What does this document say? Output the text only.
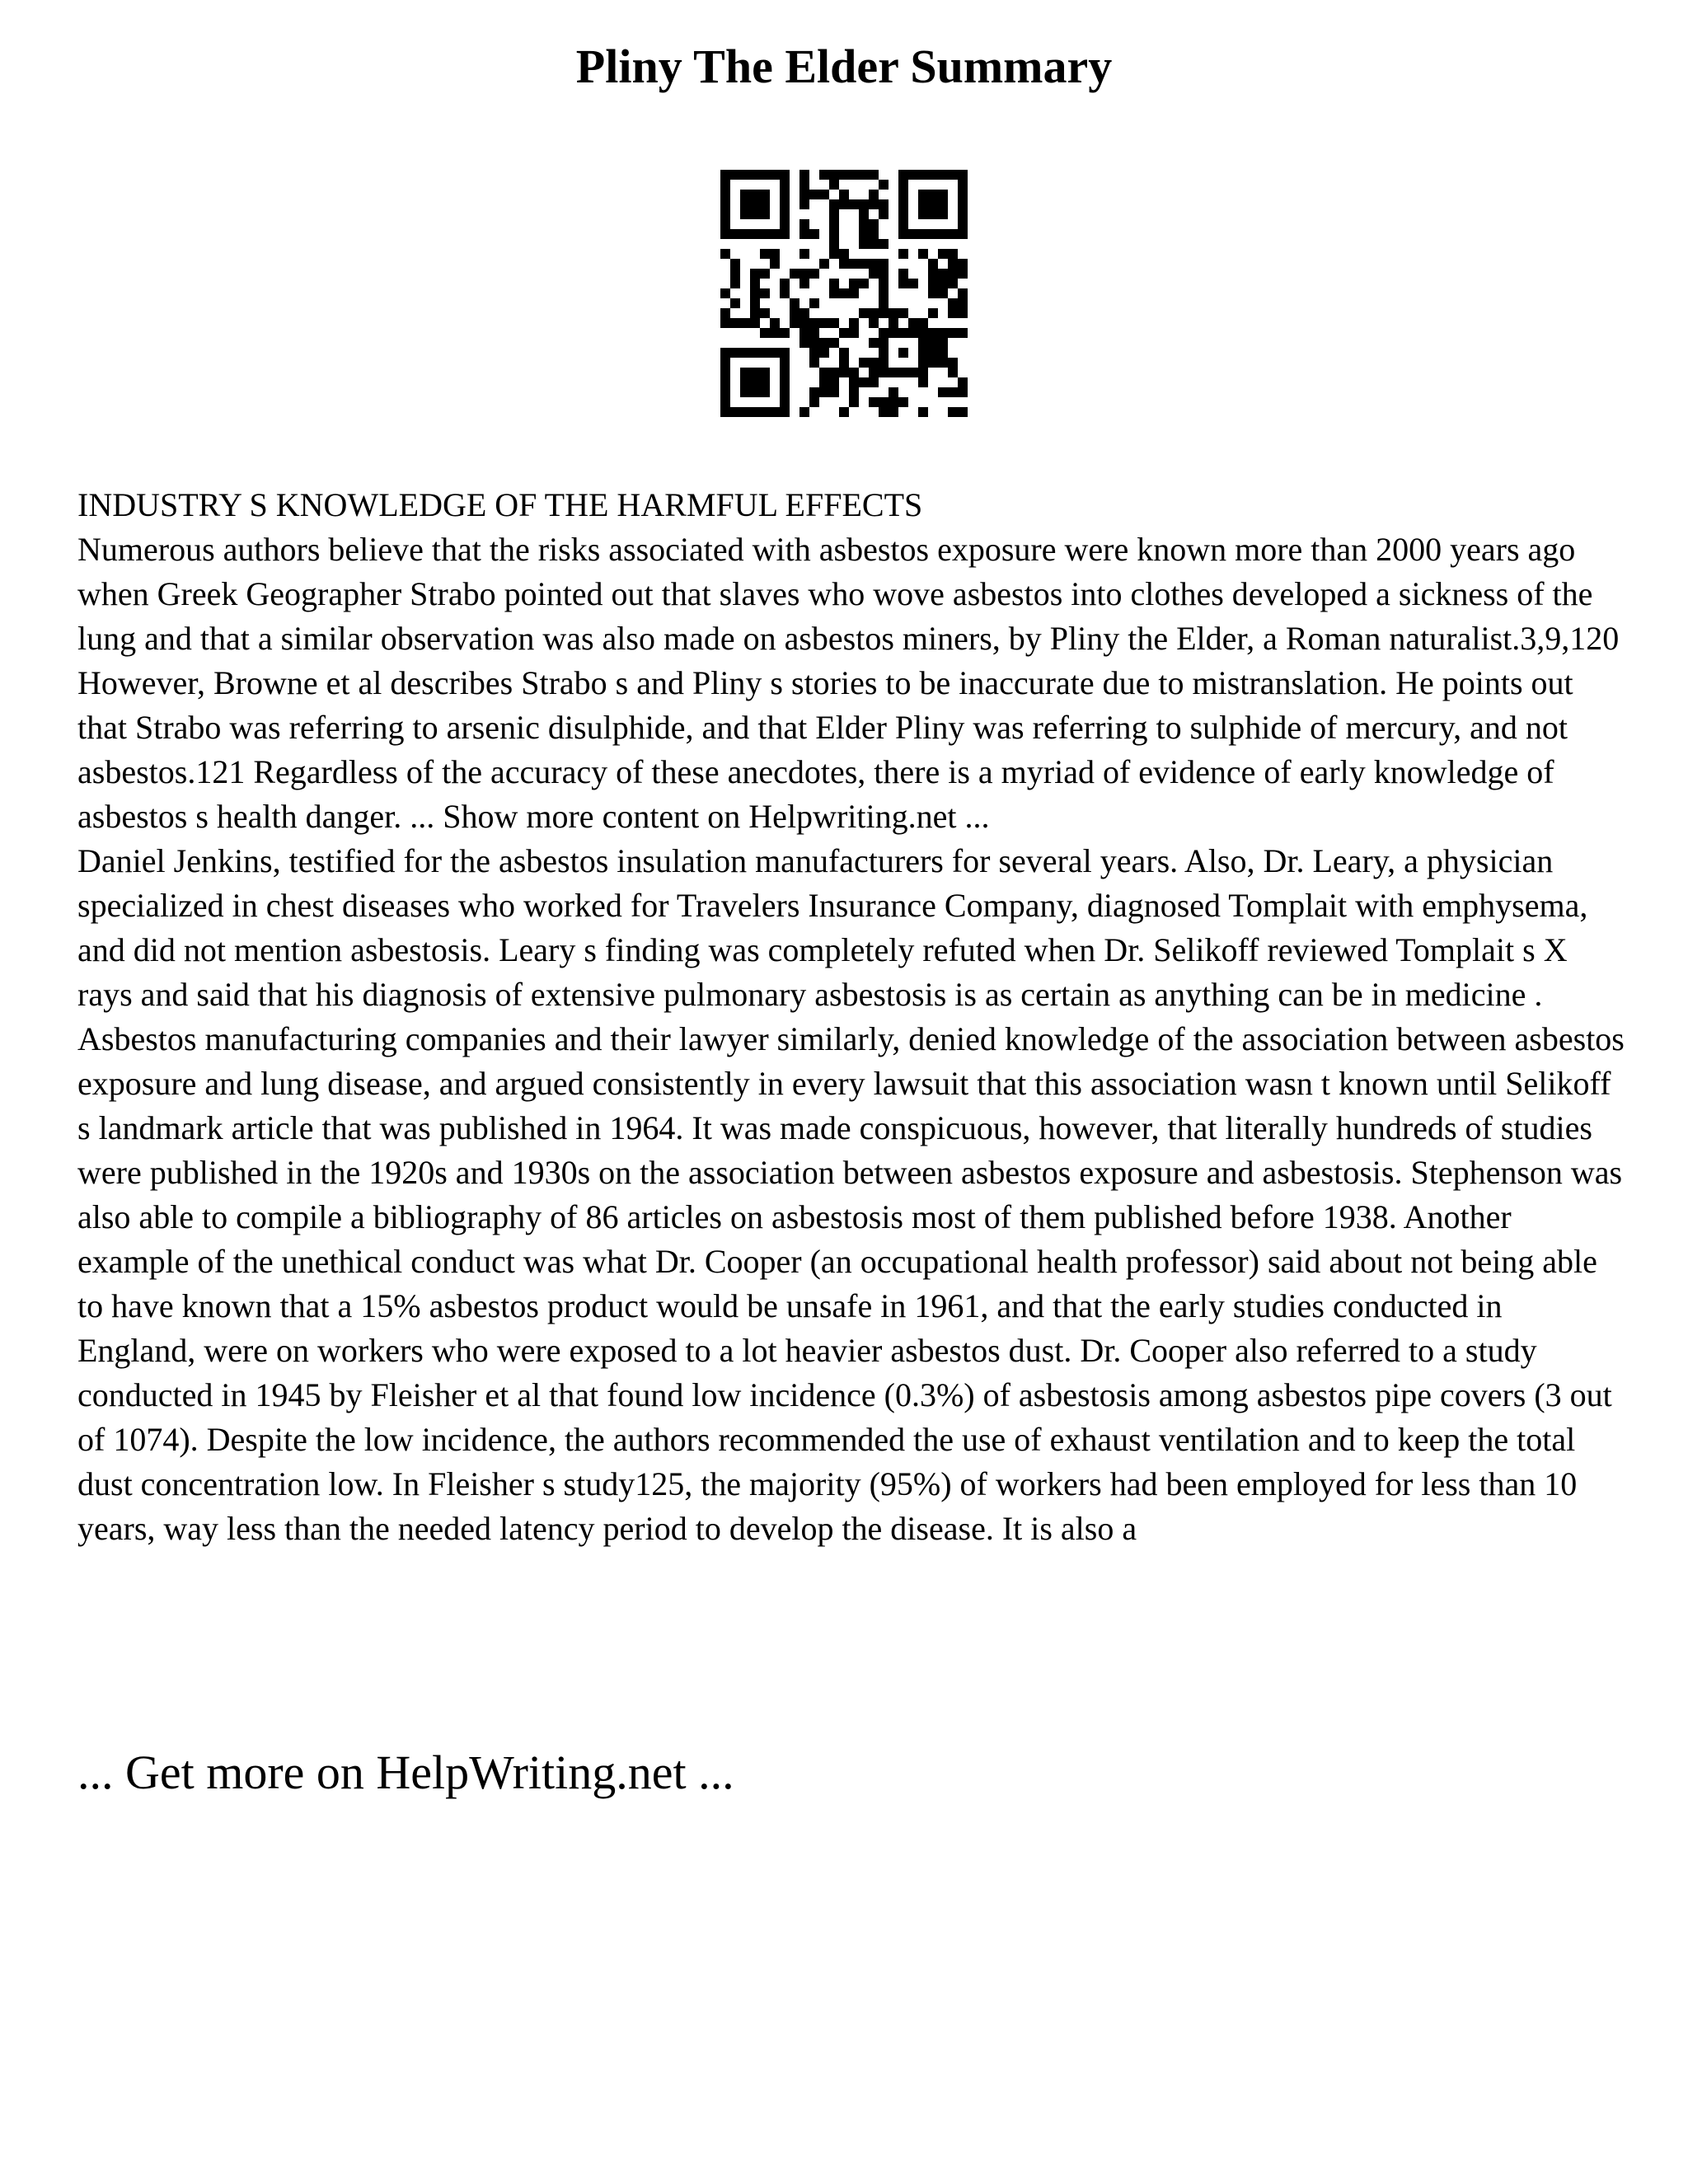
Pliny The Elder Summary

INDUSTRY S KNOWLEDGE OF THE HARMFUL EFFECTS

Numerous authors believe that the risks associated with asbestos exposure were known more than 2000 years ago when Greek Geographer Strabo pointed out that slaves who wove asbestos into clothes developed a sickness of the lung and that a similar observation was also made on asbestos miners, by Pliny the Elder, a Roman naturalist.3,9,120 However, Browne et al describes Strabo s and Pliny s stories to be inaccurate due to mistranslation. He points out that Strabo was referring to arsenic disulphide, and that Elder Pliny was referring to sulphide of mercury, and not asbestos.121 Regardless of the accuracy of these anecdotes, there is a myriad of evidence of early knowledge of asbestos s health danger. ... Show more content on Helpwriting.net ...

Daniel Jenkins, testified for the asbestos insulation manufacturers for several years. Also, Dr. Leary, a physician specialized in chest diseases who worked for Travelers Insurance Company, diagnosed Tomplait with emphysema, and did not mention asbestosis. Leary s finding was completely refuted when Dr. Selikoff reviewed Tomplait s X rays and said that his diagnosis of extensive pulmonary asbestosis is as certain as anything can be in medicine . Asbestos manufacturing companies and their lawyer similarly, denied knowledge of the association between asbestos exposure and lung disease, and argued consistently in every lawsuit that this association wasn t known until Selikoff s landmark article that was published in 1964. It was made conspicuous, however, that literally hundreds of studies were published in the 1920s and 1930s on the association between asbestos exposure and asbestosis. Stephenson was also able to compile a bibliography of 86 articles on asbestosis most of them published before 1938. Another example of the unethical conduct was what Dr. Cooper (an occupational health professor) said about not being able to have known that a 15% asbestos product would be unsafe in 1961, and that the early studies conducted in England, were on workers who were exposed to a lot heavier asbestos dust. Dr. Cooper also referred to a study conducted in 1945 by Fleisher et al that found low incidence (0.3%) of asbestosis among asbestos pipe covers (3 out of 1074). Despite the low incidence, the authors recommended the use of exhaust ventilation and to keep the total dust concentration low. In Fleisher s study125, the majority (95%) of workers had been employed for less than 10 years, way less than the needed latency period to develop the disease. It is also a

... Get more on HelpWriting.net ...
